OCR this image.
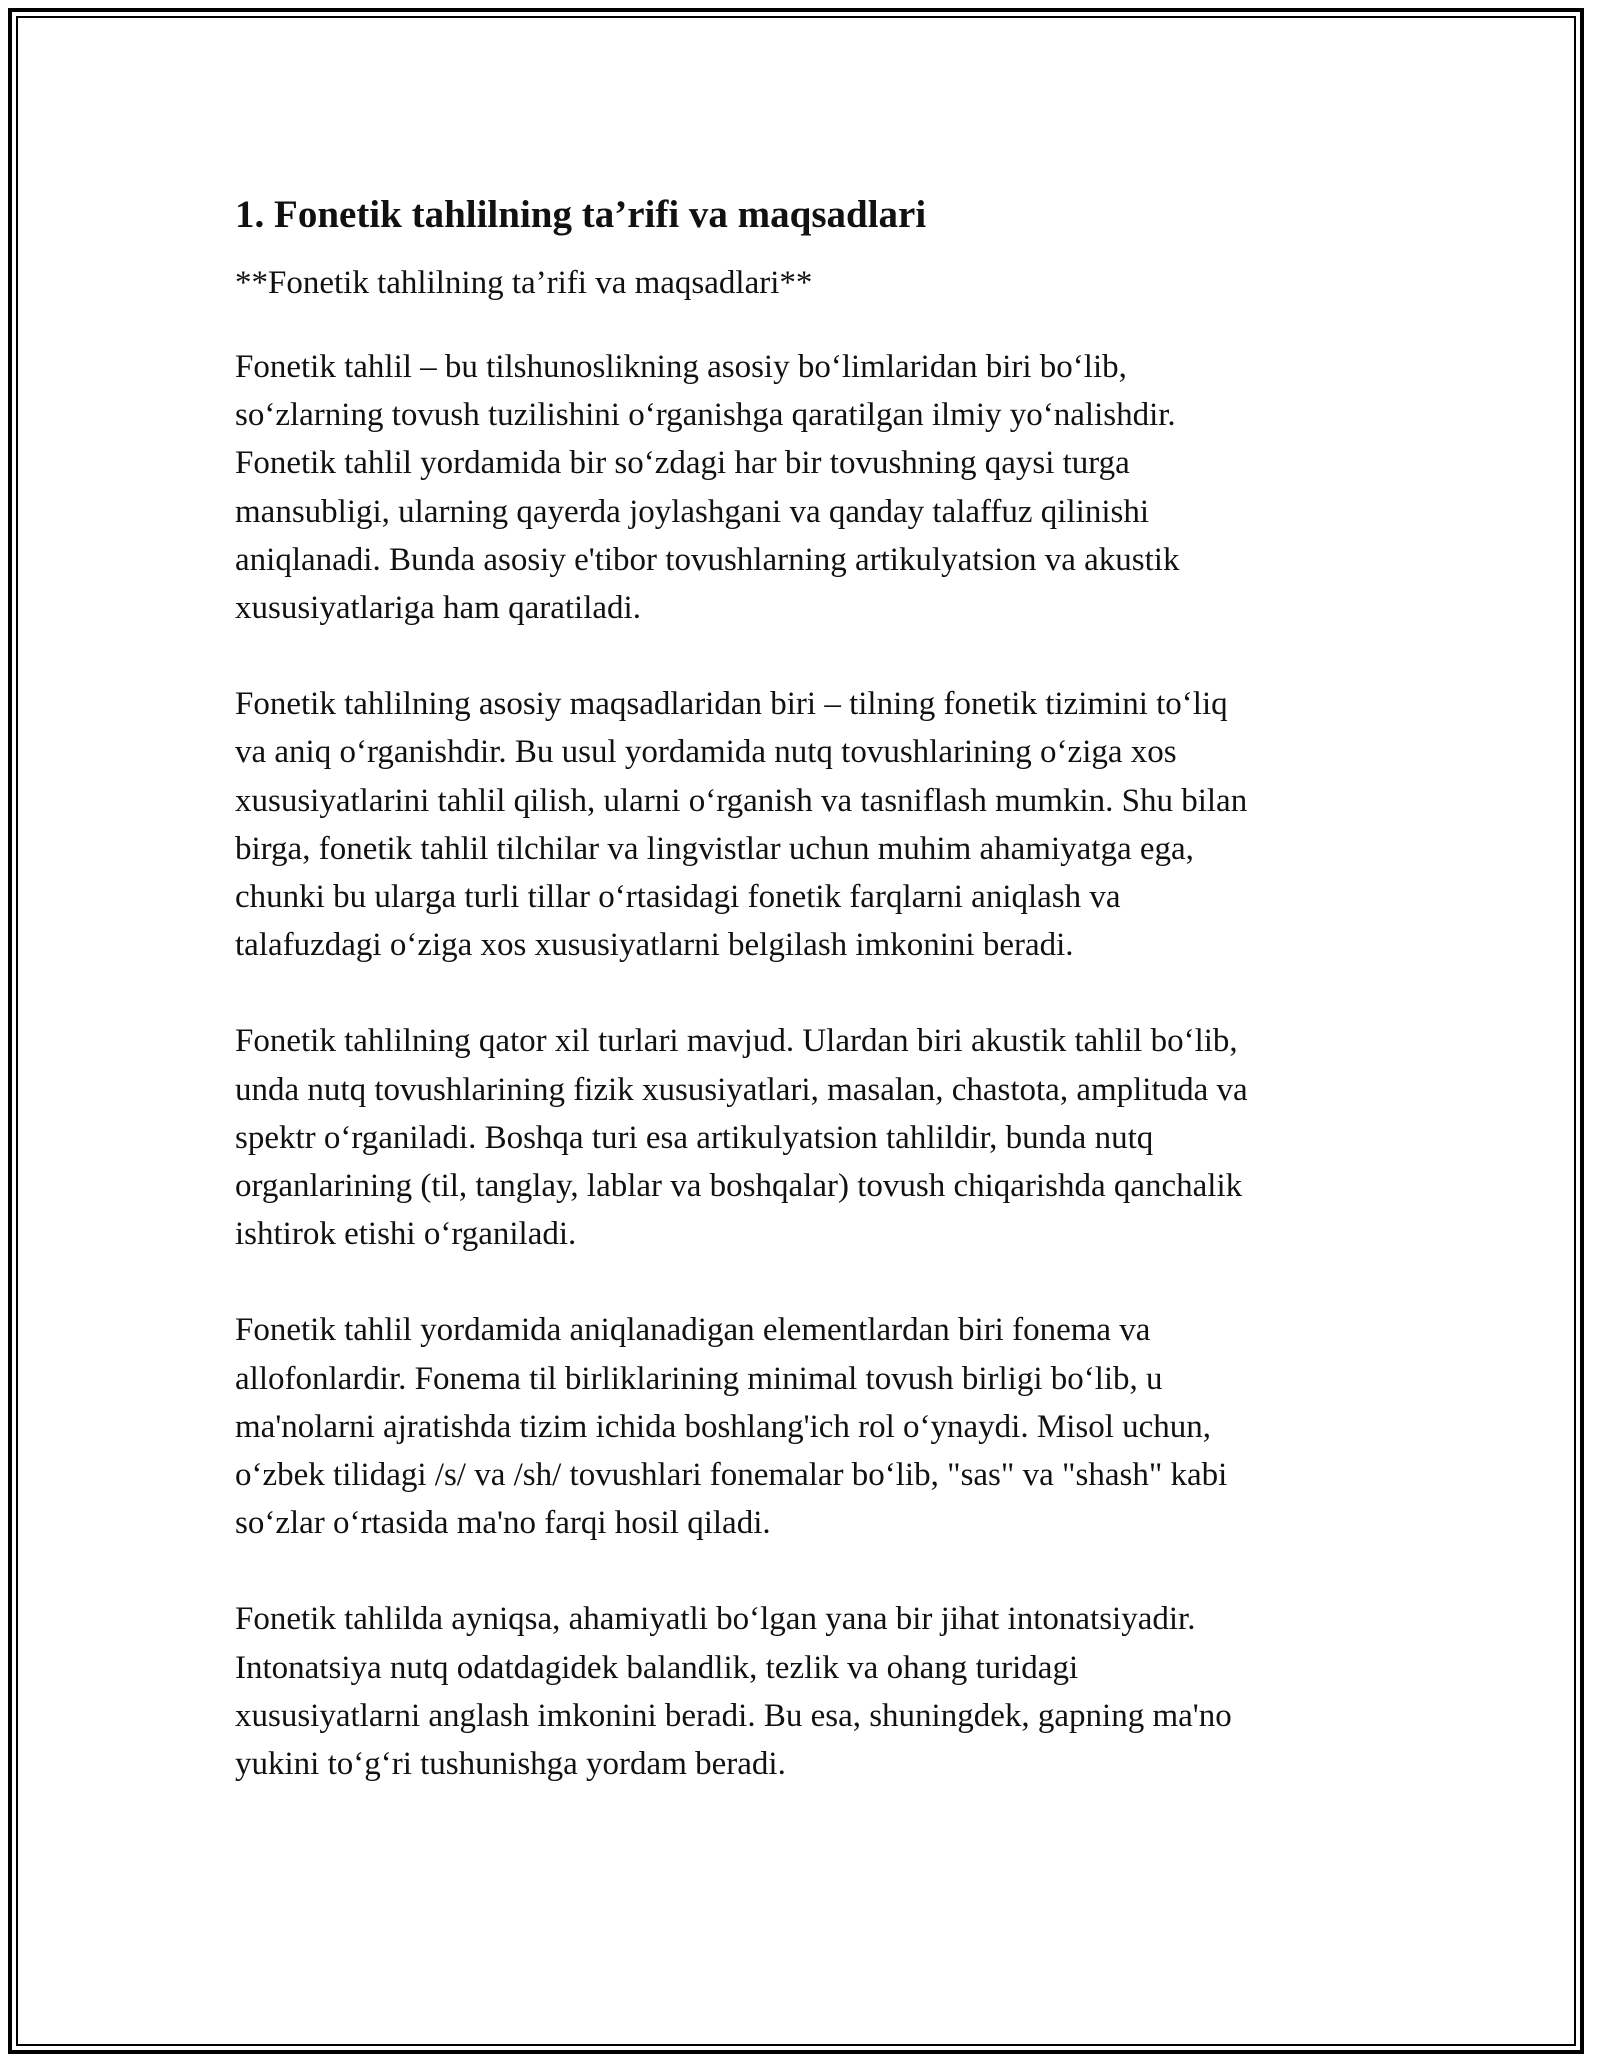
1. Fonetik tahlilning ta’rifi va maqsadlari
**Fonetik tahlilning ta’rifi va maqsadlari**

Fonetik tahlil – bu tilshunoslikning asosiy bo‘limlaridan biri bo‘lib,
so‘zlarning tovush tuzilishini o‘rganishga qaratilgan ilmiy yo‘nalishdir.
Fonetik tahlil yordamida bir so‘zdagi har bir tovushning qaysi turga
mansubligi, ularning qayerda joylashgani va qanday talaffuz qilinishi
aniqlanadi. Bunda asosiy e'tibor tovushlarning artikulyatsion va akustik
xususiyatlariga ham qaratiladi.

Fonetik tahlilning asosiy maqsadlaridan biri – tilning fonetik tizimini to‘liq
va aniq o‘rganishdir. Bu usul yordamida nutq tovushlarining o‘ziga xos
xususiyatlarini tahlil qilish, ularni o‘rganish va tasniflash mumkin. Shu bilan
birga, fonetik tahlil tilchilar va lingvistlar uchun muhim ahamiyatga ega,
chunki bu ularga turli tillar o‘rtasidagi fonetik farqlarni aniqlash va
talafuzdagi o‘ziga xos xususiyatlarni belgilash imkonini beradi.

Fonetik tahlilning qator xil turlari mavjud. Ulardan biri akustik tahlil bo‘lib,
unda nutq tovushlarining fizik xususiyatlari, masalan, chastota, amplituda va
spektr o‘rganiladi. Boshqa turi esa artikulyatsion tahlildir, bunda nutq
organlarining (til, tanglay, lablar va boshqalar) tovush chiqarishda qanchalik
ishtirok etishi o‘rganiladi.

Fonetik tahlil yordamida aniqlanadigan elementlardan biri fonema va
allofonlardir. Fonema til birliklarining minimal tovush birligi bo‘lib, u
ma'nolarni ajratishda tizim ichida boshlang'ich rol o‘ynaydi. Misol uchun,
o‘zbek tilidagi /s/ va /sh/ tovushlari fonemalar bo‘lib, "sas" va "shash" kabi
so‘zlar o‘rtasida ma'no farqi hosil qiladi.

Fonetik tahlilda ayniqsa, ahamiyatli bo‘lgan yana bir jihat intonatsiyadir.
Intonatsiya nutq odatdagidek balandlik, tezlik va ohang turidagi
xususiyatlarni anglash imkonini beradi. Bu esa, shuningdek, gapning ma'no
yukini to‘g‘ri tushunishga yordam beradi.
